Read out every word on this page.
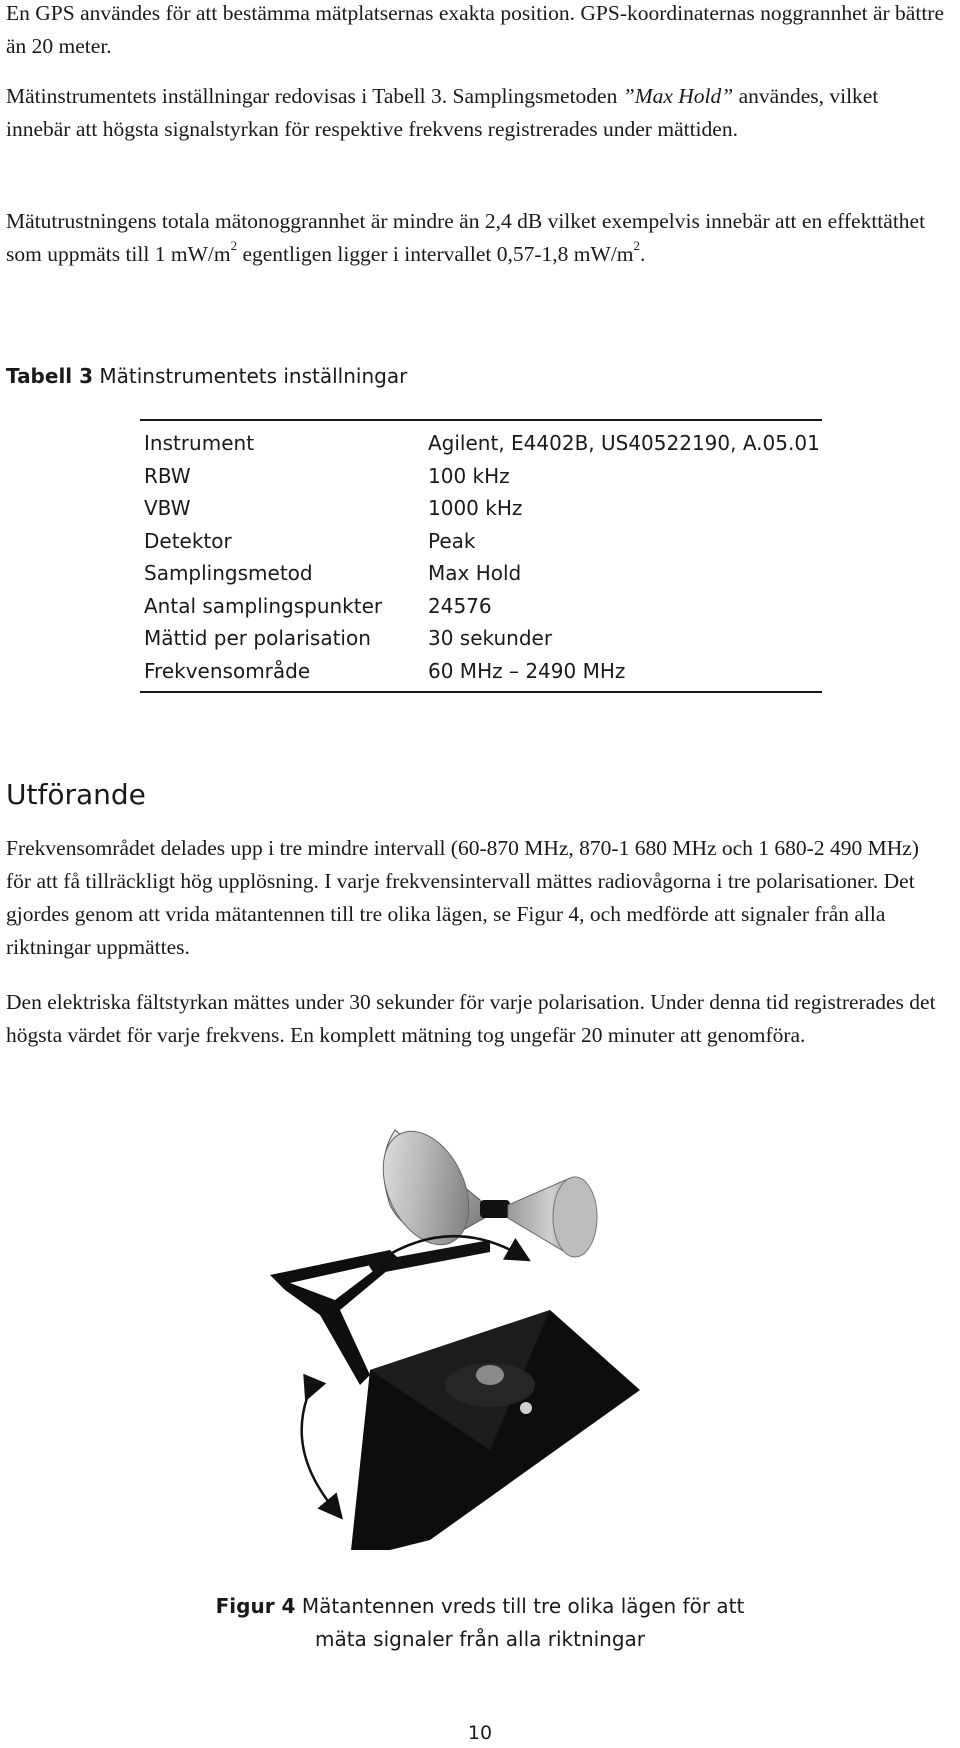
En GPS användes för att bestämma mätplatsernas exakta position. GPS-koordinaternas noggrannhet är bättre än 20 meter.

Mätinstrumentets inställningar redovisas i Tabell 3. Samplingsmetoden ”Max Hold” användes, vilket innebär att högsta signalstyrkan för respektive frekvens registrerades under mättiden.

Mätutrustningens totala mätonoggrannhet är mindre än 2,4 dB vilket exempelvis innebär att en effekttäthet som uppmäts till 1 $mW/m^2$ egentligen ligger i intervallet 0,57-1,8 $mW/m^2$.

Tabell 3 Mätinstrumentets inställningar
Instrument	Agilent, E4402B, US40522190, A.05.01
RBW	100 kHz
VBW	1000 kHz
Detektor	Peak
Samplingsmetod	Max Hold
Antal samplingspunkter	24576
Mättid per polarisation	30 sekunder
Frekvensområde	60 MHz – 2490 MHz
Utförande

Frekvensområdet delades upp i tre mindre intervall (60-870 MHz, 870-1 680 MHz och 1 680-2 490 MHz) för att få tillräckligt hög upplösning. I varje frekvensintervall mättes radiovågorna i tre polarisationer. Det gjordes genom att vrida mätantennen till tre olika lägen, se Figur 4, och medförde att signaler från alla riktningar uppmättes.

Den elektriska fältstyrkan mättes under 30 sekunder för varje polarisation. Under denna tid registrerades det högsta värdet för varje frekvens. En komplett mätning tog ungefär 20 minuter att genomföra.

Figur 4 Mätantennen vreds till tre olika lägen för att mäta signaler från alla riktningar
10
